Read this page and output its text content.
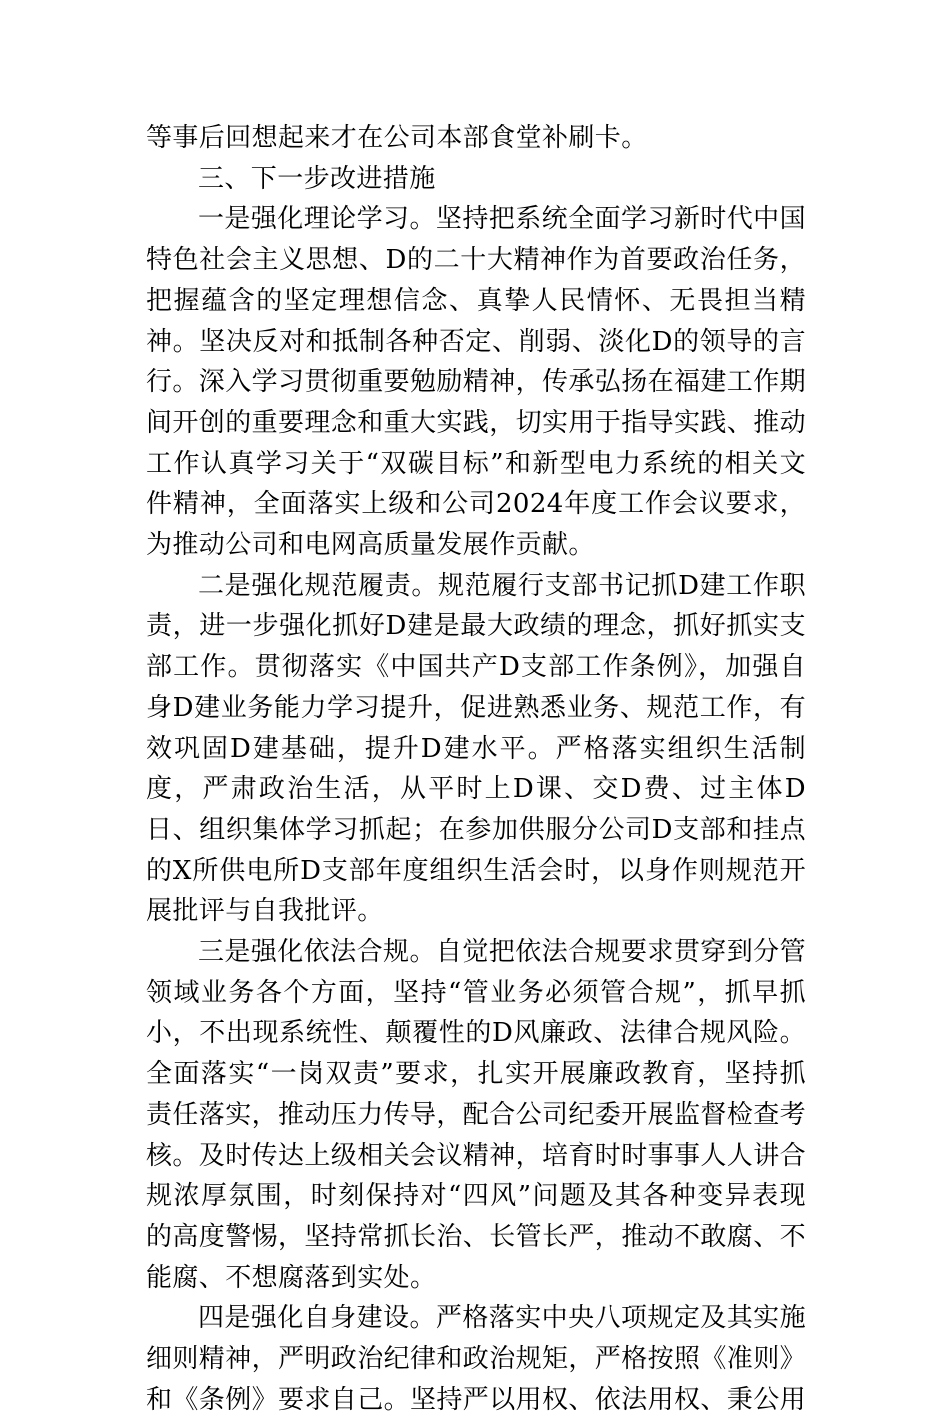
等事后回想起来才在公司本部食堂补刷卡。

三、下一步改进措施

一是强化理论学习。坚持把系统全面学习新时代中国特色社会主义思想、D的二十大精神作为首要政治任务，把握蕴含的坚定理想信念、真挚人民情怀、无畏担当精神。坚决反对和抵制各种否定、削弱、淡化D的领导的言行。深入学习贯彻重要勉励精神，传承弘扬在福建工作期间开创的重要理念和重大实践，切实用于指导实践、推动工作认真学习关于“双碳目标”和新型电力系统的相关文件精神，全面落实上级和公司2024年度工作会议要求，为推动公司和电网高质量发展作贡献。

二是强化规范履责。规范履行支部书记抓D建工作职责，进一步强化抓好D建是最大政绩的理念，抓好抓实支部工作。贯彻落实《中国共产D支部工作条例》，加强自身D建业务能力学习提升，促进熟悉业务、规范工作，有效巩固D建基础，提升D建水平。严格落实组织生活制度，严肃政治生活，从平时上D课、交D费、过主体D日、组织集体学习抓起；在参加供服分公司D支部和挂点的X所供电所D支部年度组织生活会时，以身作则规范开展批评与自我批评。

三是强化依法合规。自觉把依法合规要求贯穿到分管领域业务各个方面，坚持“管业务必须管合规”，抓早抓小，不出现系统性、颠覆性的D风廉政、法律合规风险。全面落实“一岗双责”要求，扎实开展廉政教育，坚持抓责任落实，推动压力传导，配合公司纪委开展监督检查考核。及时传达上级相关会议精神，培育时时事事人人讲合规浓厚氛围，时刻保持对“四风”问题及其各种变异表现的高度警惕，坚持常抓长治、长管长严，推动不敢腐、不能腐、不想腐落到实处。

四是强化自身建设。严格落实中央八项规定及其实施细则精神，严明政治纪律和政治规矩，严格按照《准则》和《条例》要求自己。坚持严以用权、依法用权、秉公用
